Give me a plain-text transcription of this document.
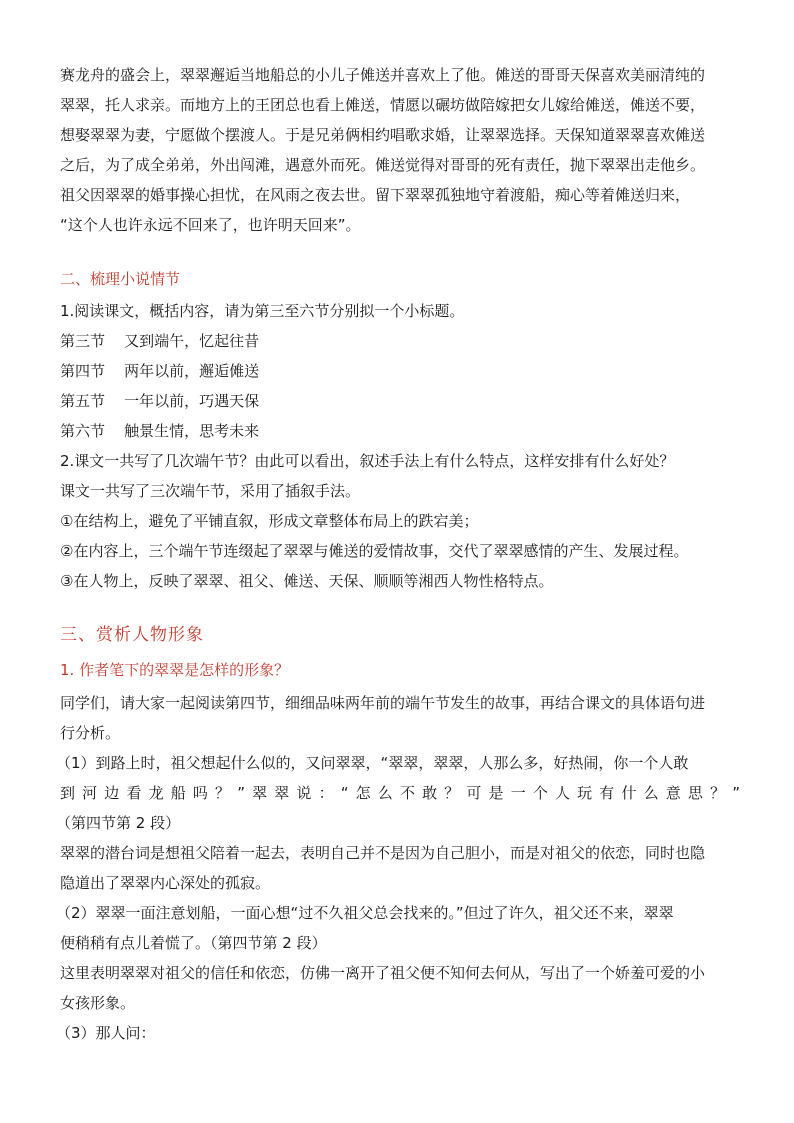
赛龙舟的盛会上，翠翠邂逅当地船总的小儿子傩送并喜欢上了他。傩送的哥哥天保喜欢美丽清纯的

翠翠，托人求亲。而地方上的王团总也看上傩送，情愿以碾坊做陪嫁把女儿嫁给傩送，傩送不要，

想娶翠翠为妻，宁愿做个摆渡人。于是兄弟俩相约唱歌求婚，让翠翠选择。天保知道翠翠喜欢傩送

之后，为了成全弟弟，外出闯滩，遇意外而死。傩送觉得对哥哥的死有责任，抛下翠翠出走他乡。

祖父因翠翠的婚事操心担忧，在风雨之夜去世。留下翠翠孤独地守着渡船，痴心等着傩送归来，

“这个人也许永远不回来了，也许明天回来”。

二、梳理小说情节

1.阅读课文，概括内容，请为第三至六节分别拟一个小标题。

第三节    又到端午，忆起往昔

第四节    两年以前，邂逅傩送

第五节    一年以前，巧遇天保

第六节    触景生情，思考未来

2.课文一共写了几次端午节？由此可以看出，叙述手法上有什么特点，这样安排有什么好处？

课文一共写了三次端午节，采用了插叙手法。

①在结构上，避免了平铺直叙，形成文章整体布局上的跌宕美；

②在内容上，三个端午节连缀起了翠翠与傩送的爱情故事，交代了翠翠感情的产生、发展过程。

③在人物上，反映了翠翠、祖父、傩送、天保、顺顺等湘西人物性格特点。

三、赏析人物形象
1. 作者笔下的翠翠是怎样的形象？

同学们，请大家一起阅读第四节，细细品味两年前的端午节发生的故事，再结合课文的具体语句进

行分析。

（1）到路上时，祖父想起什么似的，又问翠翠，“翠翠，翠翠，人那么多，好热闹，你一个人敢

到河边看龙船吗？”翠翠说：“怎么不敢？可是一个人玩有什么意思？”

（第四节第 2 段）

翠翠的潜台词是想祖父陪着一起去，表明自己并不是因为自己胆小，而是对祖父的依恋，同时也隐

隐道出了翠翠内心深处的孤寂。

（2）翠翠一面注意划船，一面心想“过不久祖父总会找来的。”但过了许久，祖父还不来，翠翠

便稍稍有点儿着慌了。（第四节第 2 段）

这里表明翠翠对祖父的信任和依恋，仿佛一离开了祖父便不知何去何从，写出了一个娇羞可爱的小

女孩形象。

（3）那人问：
